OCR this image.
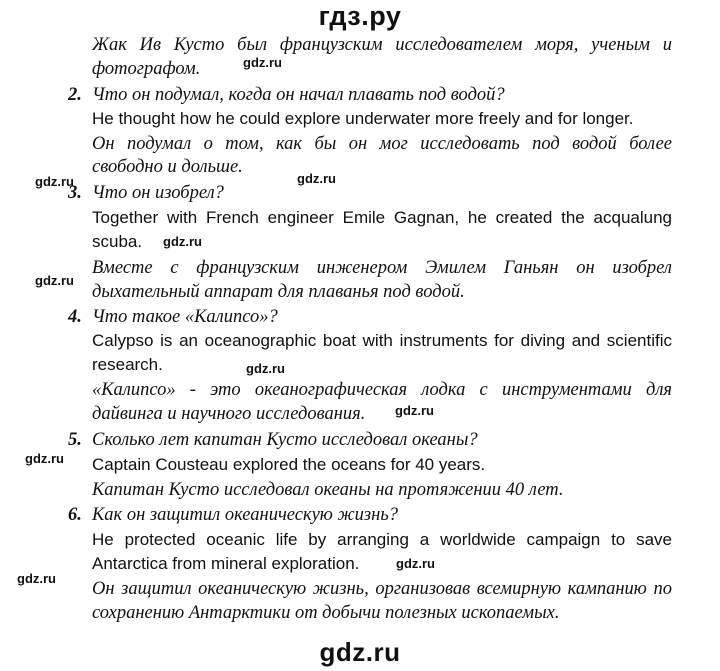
гдз.ру
Жак Ив Кусто был французским исследователем моря, ученым и
фотографом.	gdz.ru
2. Что он подумал, когда он начал плавать под водой?
He thought how he could explore underwater more freely and for longer.
Он подумал о том, как бы он мог исследовать под водой более
свободно и дольше.
gdz.ru	gdz.ru
3. Что он изобрел?
Together with French engineer Emile Gagnan, he created the acqualung
scuba. gdz.ru
Вместе с французским инженером Эмилем Ганьян он изобрел
gdz.ru
дыхательный аппарат для плаванья под водой.
4. Что такое «Калипсо»?
Calypso is an oceanographic boat with instruments for diving and scientific
research.	gdz.ru
«Калипсо» - это океанографическая лодка с инструментами для
дайвинга и научного исследования. gdz.ru
5. Сколько лет капитан Кусто исследовал океаны?
gdz.ru Captain Cousteau explored the oceans for 40 years.
Капитан Кусто исследовал океаны на протяжении 40 лет.
6. Как он защитил океаническую жизнь?
He protected oceanic life by arranging a worldwide campaign to save
Antarctica from mineral exploration.	gdz.ru
gdz.ru
Он защитил океаническую жизнь, организовав всемирную кампанию по
сохранению Антарктики от добычи полезных ископаемых.
gdz.ru
